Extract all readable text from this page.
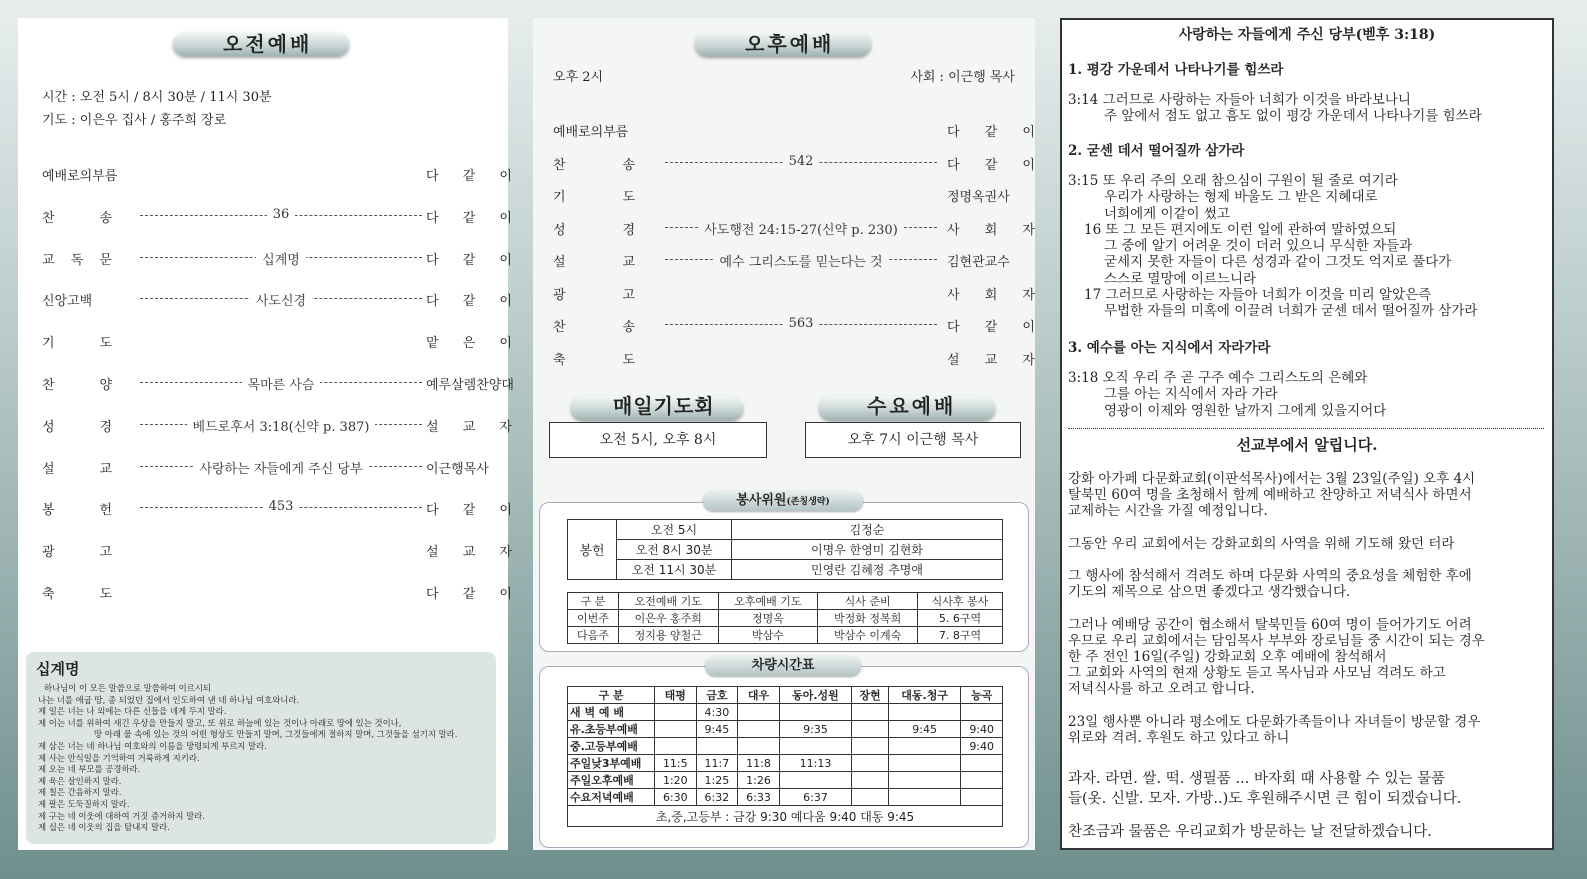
오전예배
시간 : 오전 5시 / 8시 30분 / 11시 30분
기도 : 이은우 집사 / 홍주희 장로
예배로의부름	다 같 이
찬 송	36	다 같 이
교 독 문	십계명	다 같 이
신앙고백	사도신경	다 같 이
기 도	맡 은 이
찬 양	목마른 사슴	예루살렘찬양대
성 경	베드로후서 3:18(신약 p. 387)	설 교 자
설 교	사랑하는 자들에게 주신 당부	이근행목사
봉 헌	453	다 같 이
광 고	설 교 자
축 도	다 같 이
십계명
하나님이 이 모든 말씀으로 말씀하여 이르시되
나는 너를 애굽 땅, 종 되었던 집에서 인도하여 낸 네 하나님 여호와니라.
제 일은 너는 나 외에는 다른 신들을 네게 두지 말라.
제 이는 너를 위하여 새긴 우상을 만들지 말고, 또 위로 하늘에 있는 것이나 아래로 땅에 있는 것이나,
땅 아래 물 속에 있는 것의 어떤 형상도 만들지 말며, 그것들에게 절하지 말며, 그것들을 섬기지 말라.
제 삼은 너는 네 하나님 여호와의 이름을 망령되게 부르지 말라.
제 사는 안식일을 기억하여 거룩하게 지키라.
제 오는 네 부모를 공경하라.
제 육은 살인하지 말라.
제 칠은 간음하지 말라.
제 팔은 도둑질하지 말라.
제 구는 네 이웃에 대하여 거짓 증거하지 말라.
제 십은 네 이웃의 집을 탐내지 말라.
오후예배
오후 2시	사회 : 이근행 목사
예배로의부름	다 같 이
찬 송	542	다 같 이
기 도	정명옥권사
성 경	사도행전 24:15-27(신약 p. 230)	사 회 자
설 교	예수 그리스도를 믿는다는 것	김현관교수
광 고	사 회 자
찬 송	563	다 같 이
축 도	설 교 자
매일기도회	수요예배
오전 5시, 오후 8시	오후 7시 이근행 목사
봉사위원(존칭생략)
봉헌	오전 5시	김정순
	오전 8시 30분	이명우 한영미 김현화
	오전 11시 30분	민영란 김혜정 추명애
구 분	오전예배 기도	오후예배 기도	식사 준비	식사후 봉사
이번주	이은우 홍주희	정명옥	박정화 정복희	5. 6구역
다음주	정지용 양철근	박삼수	박삼수 이계숙	7. 8구역
차량시간표
구 분	태평	금호	대우	동아.성원	장현	대동.청구	능곡
새 벽 예 배		4:30					
유.초등부예배		9:45		9:35		9:45	9:40
중.고등부예배							9:40
주일낮3부예배	11:5	11:7	11:8	11:13			
주일오후예배	1:20	1:25	1:26				
수요저녁예배	6:30	6:32	6:33	6:37			
초,중,고등부 : 금강 9:30 예다움 9:40 대동 9:45							
사랑하는 자들에게 주신 당부(벧후 3:18)
1. 평강 가운데서 나타나기를 힘쓰라
3:14 그러므로 사랑하는 자들아 너희가 이것을 바라보나니
주 앞에서 점도 없고 흠도 없이 평강 가운데서 나타나기를 힘쓰라
2. 굳센 데서 떨어질까 삼가라
3:15 또 우리 주의 오래 참으심이 구원이 될 줄로 여기라
우리가 사랑하는 형제 바울도 그 받은 지혜대로
너희에게 이같이 썼고
16 또 그 모든 편지에도 이런 일에 관하여 말하였으되
그 중에 알기 어려운 것이 더러 있으니 무식한 자들과
굳세지 못한 자들이 다른 성경과 같이 그것도 억지로 풀다가
스스로 멸망에 이르느니라
17 그러므로 사랑하는 자들아 너희가 이것을 미리 알았은즉
무법한 자들의 미혹에 이끌려 너희가 굳센 데서 떨어질까 삼가라
3. 예수를 아는 지식에서 자라가라
3:18 오직 우리 주 곧 구주 예수 그리스도의 은혜와
그를 아는 지식에서 자라 가라
영광이 이제와 영원한 날까지 그에게 있을지어다
선교부에서 알립니다.
강화 아가페 다문화교회(이판석목사)에서는 3월 23일(주일) 오후 4시
탈북민 60여 명을 초청해서 함께 예배하고 찬양하고 저녁식사 하면서
교제하는 시간을 가질 예정입니다.
그동안 우리 교회에서는 강화교회의 사역을 위해 기도해 왔던 터라
그 행사에 참석해서 격려도 하며 다문화 사역의 중요성을 체험한 후에
기도의 제목으로 삼으면 좋겠다고 생각했습니다.
그러나 예배당 공간이 협소해서 탈북민들 60여 명이 들어가기도 어려
우므로 우리 교회에서는 담임목사 부부와 장로님들 중 시간이 되는 경우
한 주 전인 16일(주일) 강화교회 오후 예배에 참석해서
그 교회와 사역의 현재 상황도 듣고 목사님과 사모님 격려도 하고
저녁식사를 하고 오려고 합니다.
23일 행사뿐 아니라 평소에도 다문화가족들이나 자녀들이 방문할 경우
위로와 격려. 후원도 하고 있다고 하니
과자. 라면. 쌀. 떡. 생필품 ... 바자회 때 사용할 수 있는 물품
들(옷. 신발. 모자. 가방..)도 후원해주시면 큰 힘이 되겠습니다.
찬조금과 물품은 우리교회가 방문하는 날 전달하겠습니다.
